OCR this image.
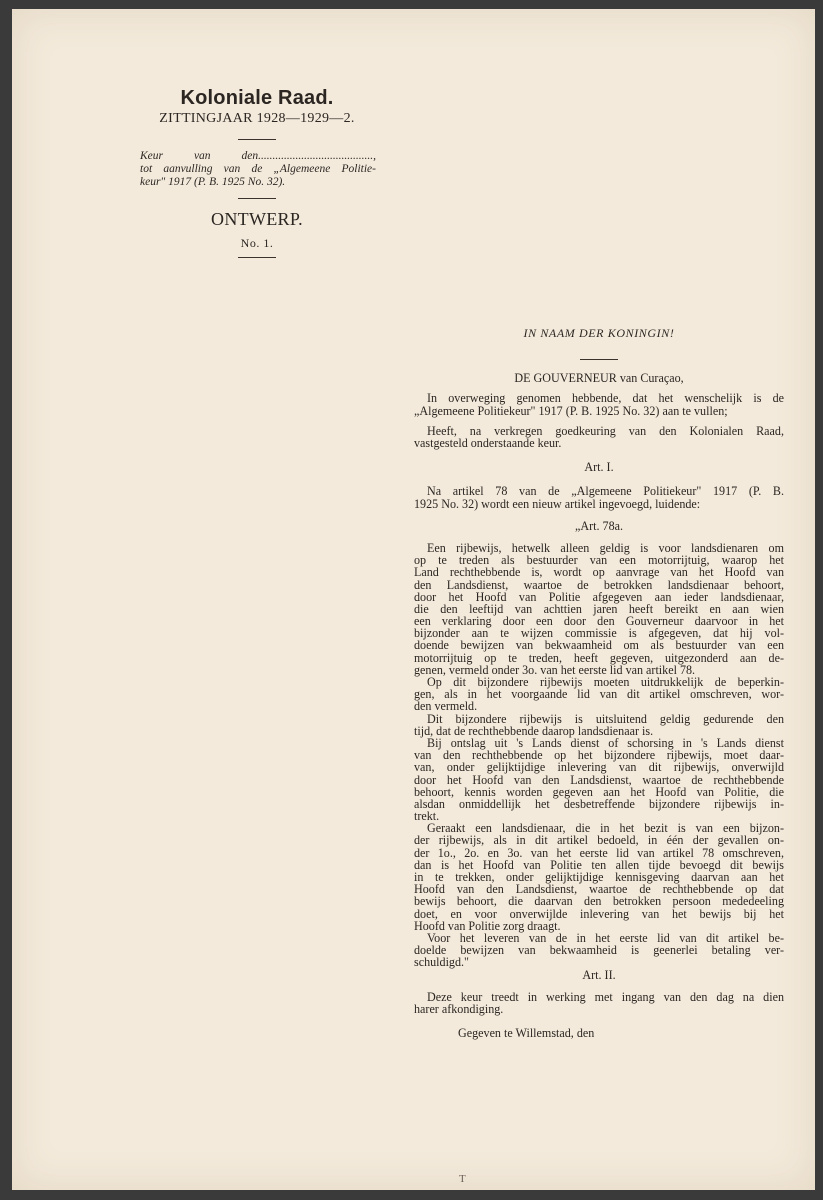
Koloniale Raad.
ZITTINGJAAR 1928—1929—2.
Keur van den........................................,
tot aanvulling van de „Algemeene Politie-
keur" 1917 (P. B. 1925 No. 32).
ONTWERP.
No. 1.
IN NAAM DER KONINGIN!
DE GOUVERNEUR van Curaçao,
In overweging genomen hebbende, dat het wenschelijk is de
„Algemeene Politiekeur" 1917 (P. B. 1925 No. 32) aan te vullen;
Heeft, na verkregen goedkeuring van den Kolonialen Raad,
vastgesteld onderstaande keur.
Art. I.
Na artikel 78 van de „Algemeene Politiekeur" 1917 (P. B.
1925 No. 32) wordt een nieuw artikel ingevoegd, luidende:
„Art. 78a.
Een rijbewijs, hetwelk alleen geldig is voor landsdienaren om
op te treden als bestuurder van een motorrijtuig, waarop het
Land rechthebbende is, wordt op aanvrage van het Hoofd van
den Landsdienst, waartoe de betrokken landsdienaar behoort,
door het Hoofd van Politie afgegeven aan ieder landsdienaar,
die den leeftijd van achttien jaren heeft bereikt en aan wien
een verklaring door een door den Gouverneur daarvoor in het
bijzonder aan te wijzen commissie is afgegeven, dat hij vol-
doende bewijzen van bekwaamheid om als bestuurder van een
motorrijtuig op te treden, heeft gegeven, uitgezonderd aan de-
genen, vermeld onder 3o. van het eerste lid van artikel 78.
Op dit bijzondere rijbewijs moeten uitdrukkelijk de beperkin-
gen, als in het voorgaande lid van dit artikel omschreven, wor-
den vermeld.
Dit bijzondere rijbewijs is uitsluitend geldig gedurende den
tijd, dat de rechthebbende daarop landsdienaar is.
Bij ontslag uit 's Lands dienst of schorsing in 's Lands dienst
van den rechthebbende op het bijzondere rijbewijs, moet daar-
van, onder gelijktijdige inlevering van dit rijbewijs, onverwijld
door het Hoofd van den Landsdienst, waartoe de rechthebbende
behoort, kennis worden gegeven aan het Hoofd van Politie, die
alsdan onmiddellijk het desbetreffende bijzondere rijbewijs in-
trekt.
Geraakt een landsdienaar, die in het bezit is van een bijzon-
der rijbewijs, als in dit artikel bedoeld, in één der gevallen on-
der 1o., 2o. en 3o. van het eerste lid van artikel 78 omschreven,
dan is het Hoofd van Politie ten allen tijde bevoegd dit bewijs
in te trekken, onder gelijktijdige kennisgeving daarvan aan het
Hoofd van den Landsdienst, waartoe de rechthebbende op dat
bewijs behoort, die daarvan den betrokken persoon mededeeling
doet, en voor onverwijlde inlevering van het bewijs bij het
Hoofd van Politie zorg draagt.
Voor het leveren van de in het eerste lid van dit artikel be-
doelde bewijzen van bekwaamheid is geenerlei betaling ver-
schuldigd."
Art. II.
Deze keur treedt in werking met ingang van den dag na dien
harer afkondiging.
Gegeven te Willemstad, den
T
